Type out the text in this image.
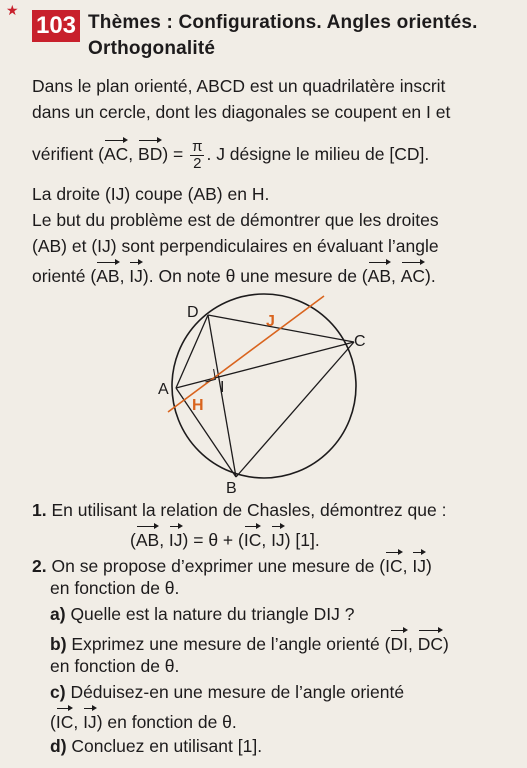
★
103 Thèmes : Configurations. Angles orientés.
Orthogonalité
Dans le plan orienté, ABCD est un quadrilatère inscrit
dans un cercle, dont les diagonales se coupent en I et
vérifient (AC, $BD) = \frac{\pi}{2}$ . J désigne le milieu de [CD].
La droite (IJ) coupe (AB) en H.
Le but du problème est de démontrer que les droites
(AB) et (IJ) sont perpendiculaires en évaluant l’angle
orienté (AB, IJ). On note θ une mesure de (AB, AC).
D
C
A
B
I
J
H
1. En utilisant la relation de Chasles, démontrez que :
(AB, IJ) = θ + (IC, IJ) [1].
2. On se propose d’exprimer une mesure de (IC, IJ)
en fonction de θ.
a) Quelle est la nature du triangle DIJ ?
b) Exprimez une mesure de l’angle orienté (DI, DC)
en fonction de θ.
c) Déduisez-en une mesure de l’angle orienté
(IC, IJ) en fonction de θ.
d) Concluez en utilisant [1].
